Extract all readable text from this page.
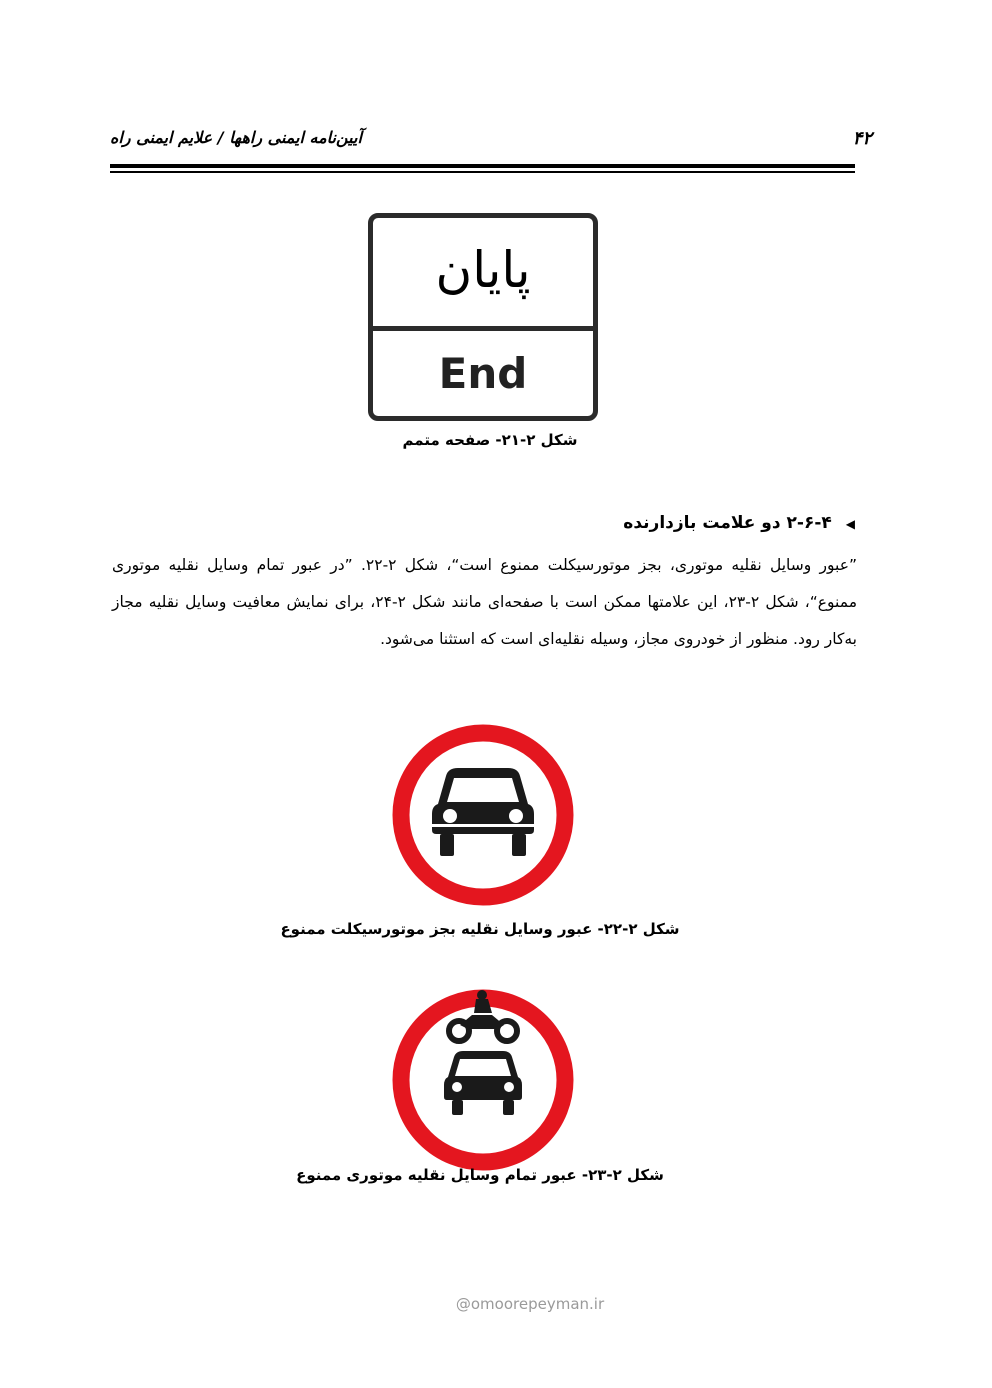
آیین‌نامه ایمنی راهها / علایم ایمنی راه	۴۲
پایان
End
شکل ۲-۲۱- صفحه متمم
◀۲-۶-۴ دو علامت بازدارنده
”عبور وسایل نقلیه موتوری، بجز موتورسیکلت ممنوع است“، شکل ۲-۲۲. ”در عبور تمام وسایل نقلیه موتوری ممنوع“، شکل ۲-۲۳، این علامتها ممکن است با صفحه‌ای مانند شکل ۲-۲۴، برای نمایش معافیت وسایل نقلیه مجاز به‌کار رود. منظور از خودروی مجاز، وسیله نقلیه‌ای است که استثنا می‌شود.
شکل ۲-۲۲- عبور وسایل نقلیه بجز موتورسیکلت ممنوع
شکل ۲-۲۳- عبور تمام وسایل نقلیه موتوری ممنوع
@omoorepeyman.ir
